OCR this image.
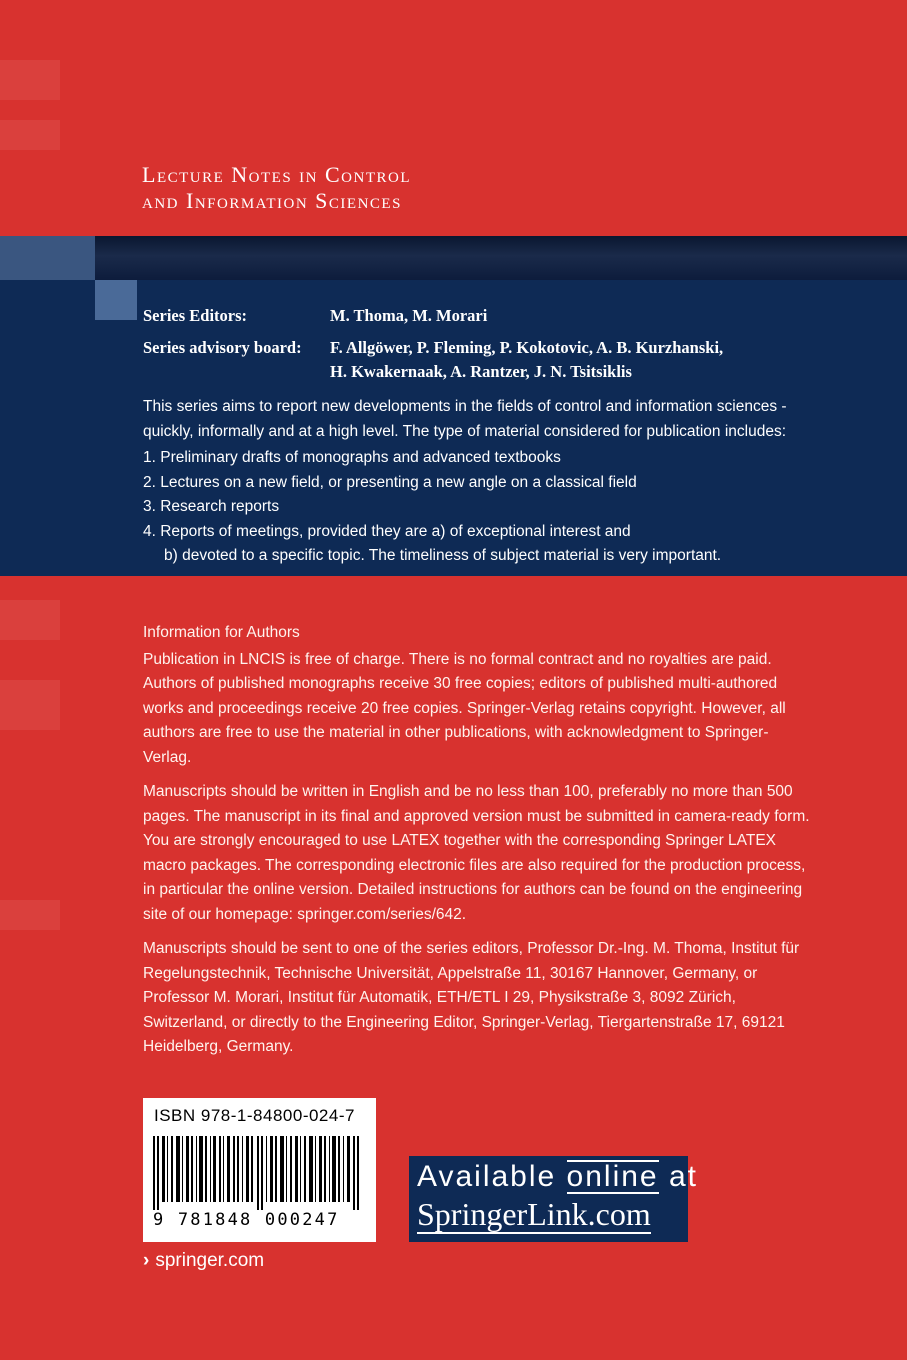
Lecture Notes in Control
and Information Sciences
Series Editors:	M. Thoma, M. Morari
Series advisory board: F. Allgöwer, P. Fleming, P. Kokotovic, A. B. Kurzhanski,
H. Kwakernaak, A. Rantzer, J. N. Tsitsiklis
This series aims to report new developments in the fields of control and information sciences - quickly, informally and at a high level. The type of material considered for publication includes:
1. Preliminary drafts of monographs and advanced textbooks
2. Lectures on a new field, or presenting a new angle on a classical field
3. Research reports
4. Reports of meetings, provided they are a) of exceptional interest and
b) devoted to a specific topic. The timeliness of subject material is very important.

Information for Authors

Publication in LNCIS is free of charge. There is no formal contract and no royalties are paid. Authors of published monographs receive 30 free copies; editors of published multi-authored works and proceedings receive 20 free copies. Springer-Verlag retains copyright. However, all authors are free to use the material in other publications, with acknowledgment to Springer-Verlag.

Manuscripts should be written in English and be no less than 100, preferably no more than 500 pages. The manuscript in its final and approved version must be submitted in camera-ready form. You are strongly encouraged to use LATEX together with the corresponding Springer LATEX macro packages. The corresponding electronic files are also required for the production process, in particular the online version. Detailed instructions for authors can be found on the engineering site of our homepage: springer.com/series/642.

Manuscripts should be sent to one of the series editors, Professor Dr.-Ing. M. Thoma, Institut für Regelungstechnik, Technische Universität, Appelstraße 11, 30167 Hannover, Germany, or Professor M. Morari, Institut für Automatik, ETH/ETL I 29, Physikstraße 3, 8092 Zürich, Switzerland, or directly to the Engineering Editor, Springer-Verlag, Tiergartenstraße 17, 69121 Heidelberg, Germany.

ISBN 978-1-84800-024-7
9 781848 000247
› springer.com
Available online at
SpringerLink.com
